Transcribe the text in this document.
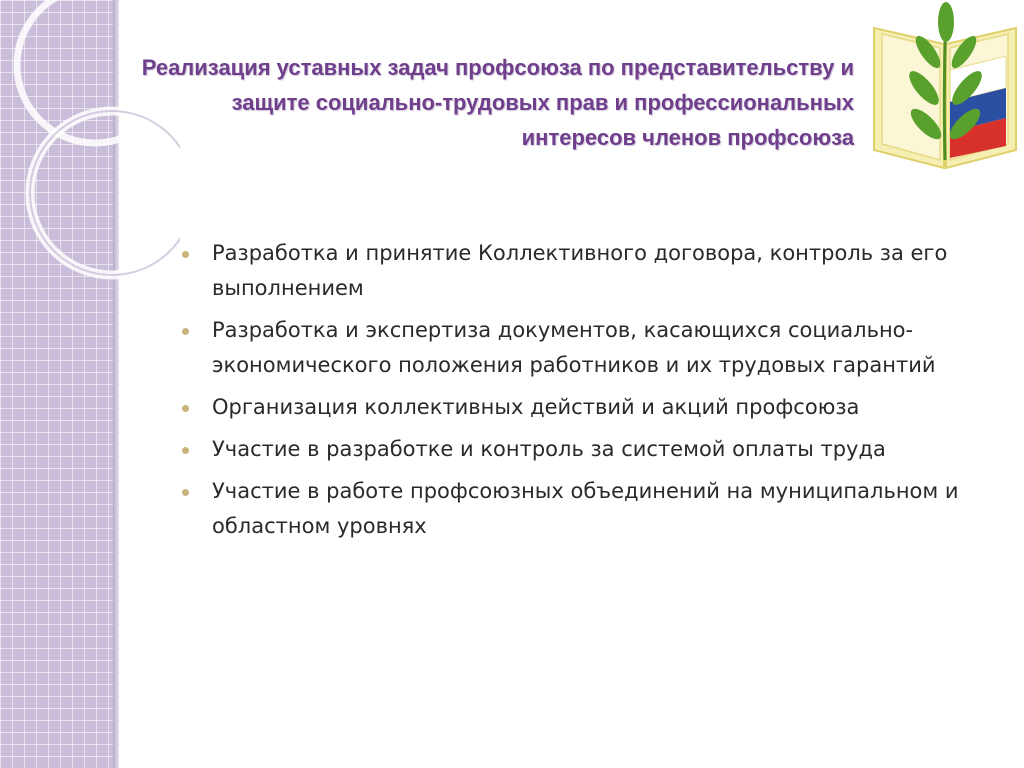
Реализация уставных задач профсоюза по представительству и защите социально-трудовых прав и профессиональных интересов членов профсоюза
Разработка и принятие Коллективного договора, контроль за его выполнением
Разработка и экспертиза документов, касающихся социально-экономического положения работников и их трудовых гарантий
Организация коллективных действий и акций профсоюза
Участие в разработке и контроль за системой оплаты труда
Участие в работе профсоюзных объединений на муниципальном и областном уровнях
